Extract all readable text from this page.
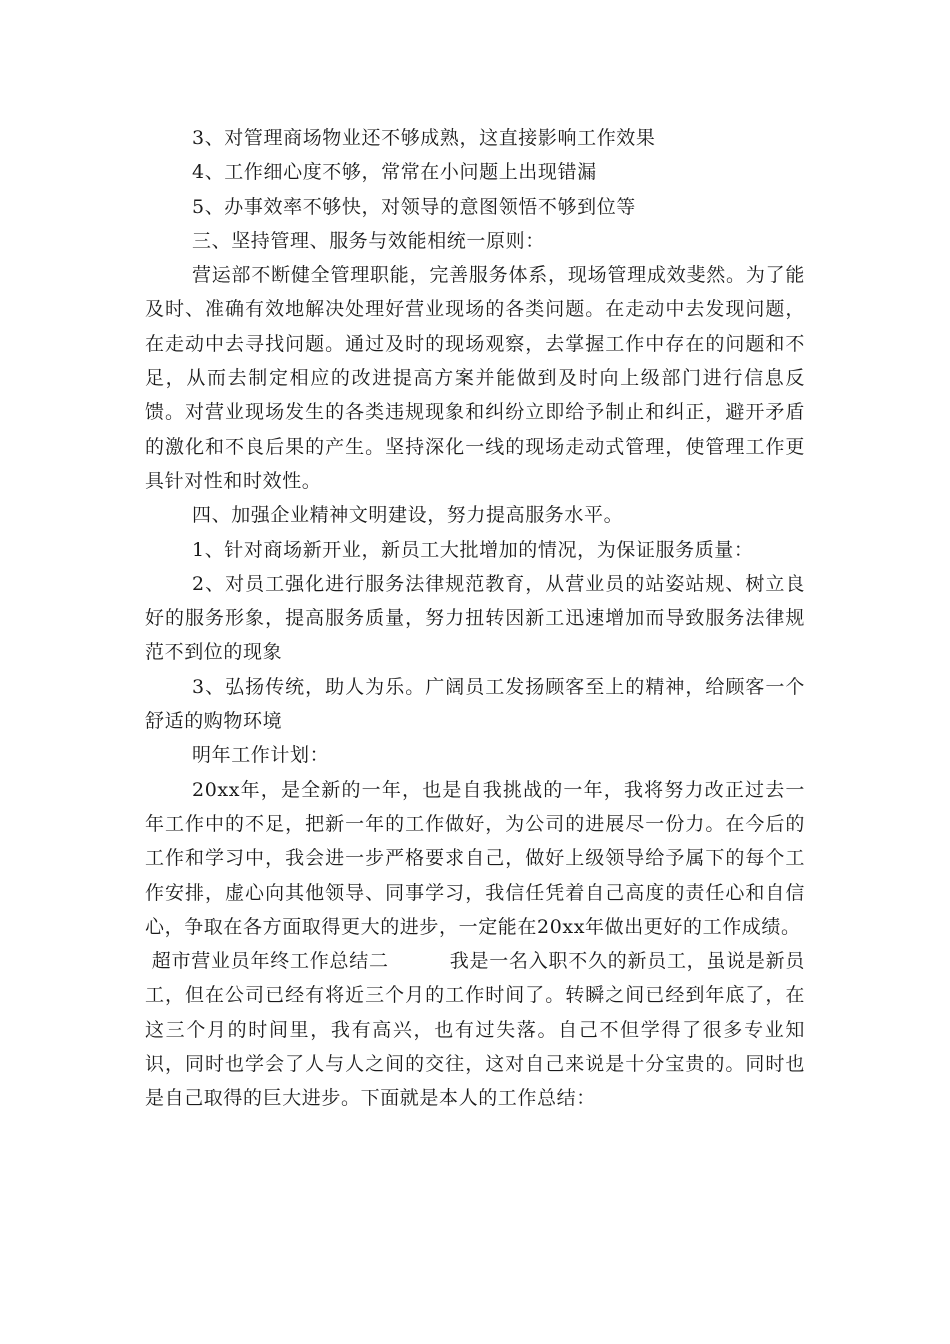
3、对管理商场物业还不够成熟，这直接影响工作效果

4、工作细心度不够，常常在小问题上出现错漏

5、办事效率不够快，对领导的意图领悟不够到位等

三、坚持管理、服务与效能相统一原则：

营运部不断健全管理职能，完善服务体系，现场管理成效斐然。为了能及时、准确有效地解决处理好营业现场的各类问题。在走动中去发现问题，在走动中去寻找问题。通过及时的现场观察，去掌握工作中存在的问题和不足，从而去制定相应的改进提高方案并能做到及时向上级部门进行信息反馈。对营业现场发生的各类违规现象和纠纷立即给予制止和纠正，避开矛盾的激化和不良后果的产生。坚持深化一线的现场走动式管理，使管理工作更具针对性和时效性。

四、加强企业精神文明建设，努力提高服务水平。

1、针对商场新开业，新员工大批增加的情况，为保证服务质量：

2、对员工强化进行服务法律规范教育，从营业员的站姿站规、树立良好的服务形象，提高服务质量，努力扭转因新工迅速增加而导致服务法律规范不到位的现象

3、弘扬传统，助人为乐。广阔员工发扬顾客至上的精神，给顾客一个舒适的购物环境

明年工作计划：

20xx年，是全新的一年，也是自我挑战的一年，我将努力改正过去一年工作中的不足，把新一年的工作做好，为公司的进展尽一份力。在今后的工作和学习中，我会进一步严格要求自己，做好上级领导给予属下的每个工作安排，虚心向其他领导、同事学习，我信任凭着自己高度的责任心和自信心，争取在各方面取得更大的进步，一定能在20xx年做出更好的工作成绩。

超市营业员年终工作总结二	我是一名入职不久的新员工，虽说是新员工，但在公司已经有将近三个月的工作时间了。转瞬之间已经到年底了，在这三个月的时间里，我有高兴，也有过失落。自己不但学得了很多专业知识，同时也学会了人与人之间的交往，这对自己来说是十分宝贵的。同时也是自己取得的巨大进步。下面就是本人的工作总结：
